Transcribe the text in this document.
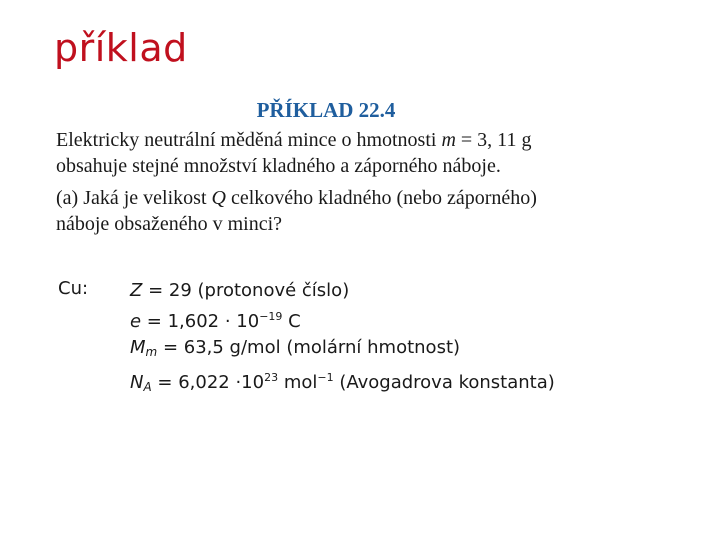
příklad
PŘÍKLAD 22.4
Elektricky neutrální měděná mince o hmotnosti m = 3, 11 g
obsahuje stejné množství kladného a záporného náboje.
(a) Jaká je velikost Q celkového kladného (nebo záporného)
náboje obsaženého v minci?
Cu: Z = 29 (protonové číslo)
$e = 1,602 \cdot 10^{-19}$ C
$M_m = 63,5$ g/mol (molární hmotnost)
$N_A = 6,022 \cdot 10^{23}$ mol$^{-1}$ (Avogadrova konstanta)
